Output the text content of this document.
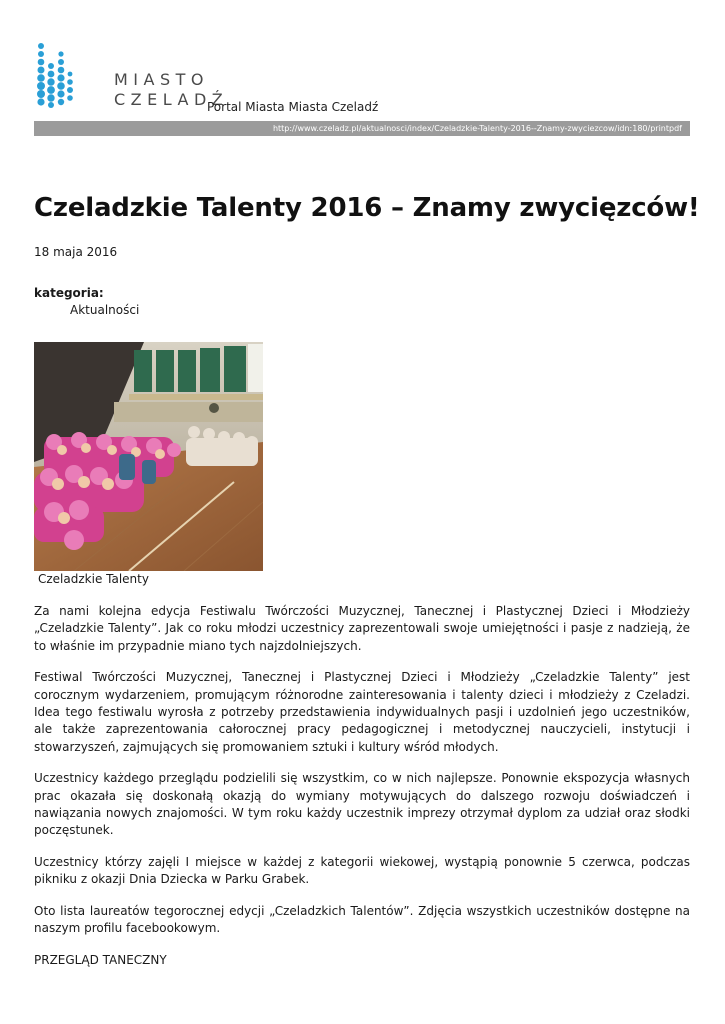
MIASTO
CZELADŹ
Portal Miasta Miasta Czeladź
http://www.czeladz.pl/aktualnosci/index/Czeladzkie-Talenty-2016--Znamy-zwyciezcow/idn:180/printpdf
Czeladzkie Talenty 2016 – Znamy zwycięzców!
18 maja 2016
kategoria:
Aktualności
Czeladzkie Talenty

Za nami kolejna edycja Festiwalu Twórczości Muzycznej, Tanecznej i Plastycznej Dzieci i Młodzieży „Czeladzkie Talenty”. Jak co roku młodzi uczestnicy zaprezentowali swoje umiejętności i pasje z nadzieją, że to właśnie im przypadnie miano tych najzdolniejszych.

Festiwal Twórczości Muzycznej, Tanecznej i Plastycznej Dzieci i Młodzieży „Czeladzkie Talenty” jest corocznym wydarzeniem, promującym różnorodne zainteresowania i talenty dzieci i młodzieży z Czeladzi. Idea tego festiwalu wyrosła z potrzeby przedstawienia indywidualnych pasji i uzdolnień jego uczestników, ale także zaprezentowania całorocznej pracy pedagogicznej i metodycznej nauczycieli, instytucji i stowarzyszeń, zajmujących się promowaniem sztuki i kultury wśród młodych.

Uczestnicy każdego przeglądu podzielili się wszystkim, co w nich najlepsze. Ponownie ekspozycja własnych prac okazała się doskonałą okazją do wymiany motywujących do dalszego rozwoju doświadczeń i nawiązania nowych znajomości. W tym roku każdy uczestnik imprezy otrzymał dyplom za udział oraz słodki poczęstunek.

Uczestnicy którzy zajęli I miejsce w każdej z kategorii wiekowej, wystąpią ponownie 5 czerwca, podczas pikniku z okazji Dnia Dziecka w Parku Grabek.

Oto lista laureatów tegorocznej edycji „Czeladzkich Talentów”. Zdjęcia wszystkich uczestników dostępne na naszym profilu facebookowym.

PRZEGLĄD TANECZNY
